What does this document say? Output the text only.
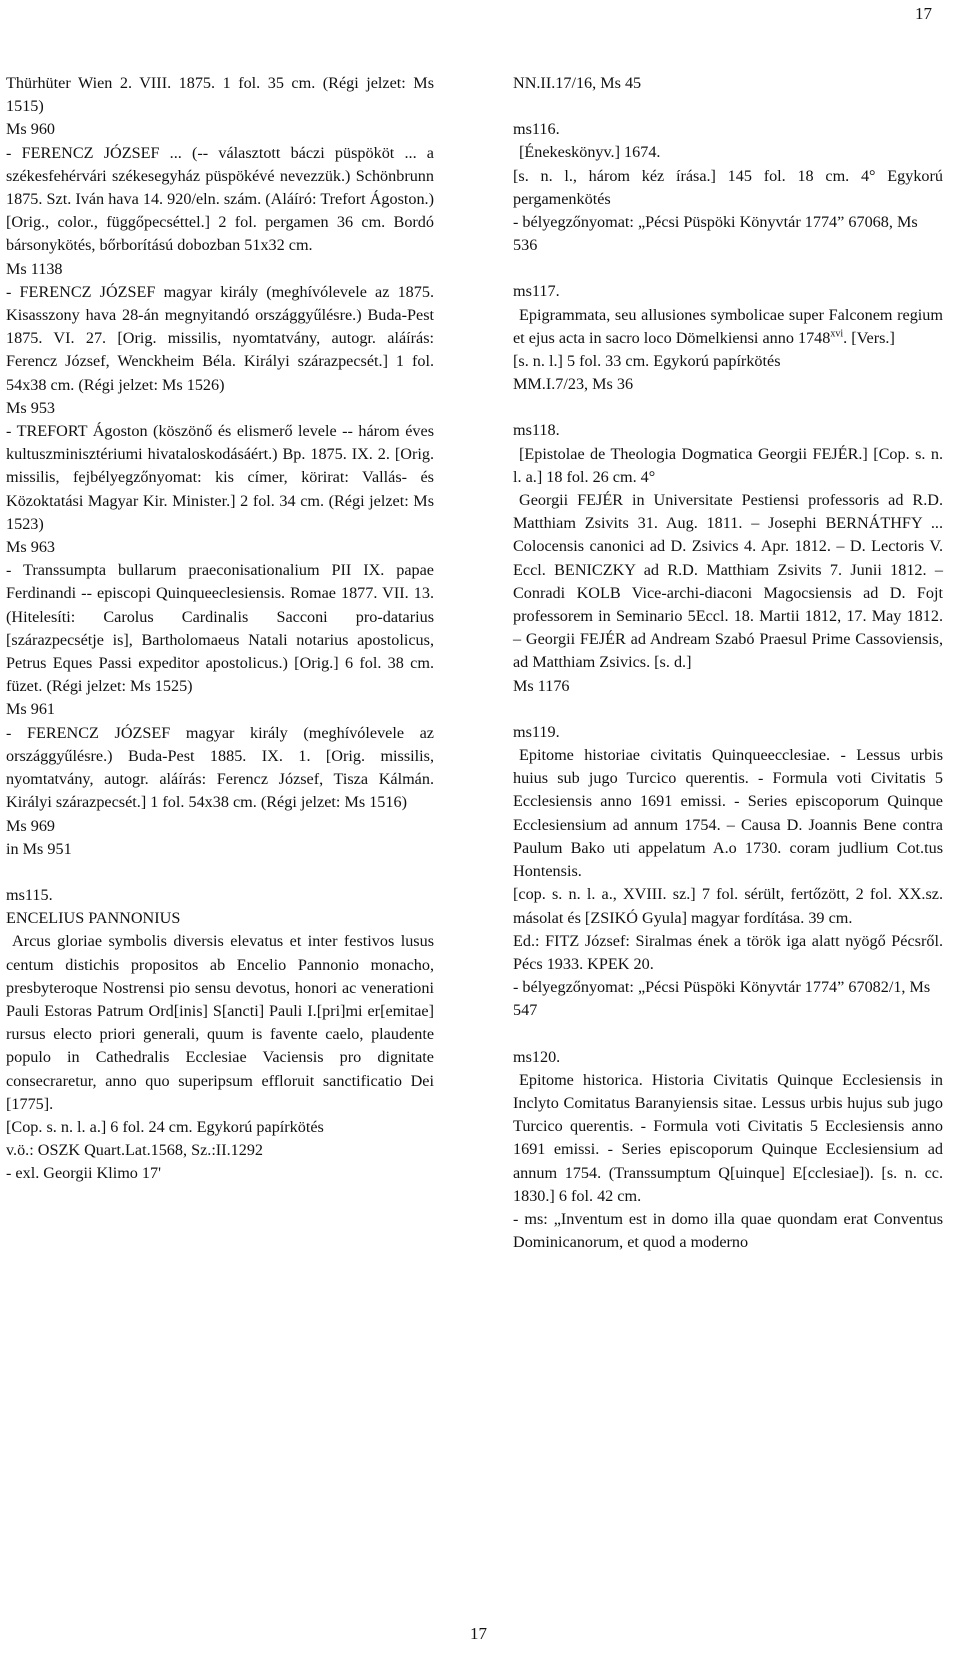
17

Thürhüter Wien 2. VIII. 1875. 1 fol. 35 cm. (Régi jelzet: Ms 1515)

Ms 960

- FERENCZ JÓZSEF ... (-- választott báczi püspököt ... a székesfehérvári székesegyház püspökévé nevezzük.) Schönbrunn 1875. Szt. Iván hava 14. 920/eln. szám. (Aláíró: Trefort Ágoston.) [Orig., color., függőpecséttel.] 2 fol. pergamen 36 cm. Bordó bársonykötés, bőrborítású dobozban 51x32 cm.

Ms 1138

- FERENCZ JÓZSEF magyar király (meghívólevele az 1875. Kisasszony hava 28-án megnyitandó országgyűlésre.) Buda-Pest 1875. VI. 27. [Orig. missilis, nyomtatvány, autogr. aláírás: Ferencz József, Wenckheim Béla. Királyi szárazpecsét.] 1 fol. 54x38 cm. (Régi jelzet: Ms 1526)

Ms 953

- TREFORT Ágoston (köszönő és elismerő levele -- három éves kultuszminisztériumi hivataloskodásáért.) Bp. 1875. IX. 2. [Orig. missilis, fejbélyegzőnyomat: kis címer, körirat: Vallás- és Közoktatási Magyar Kir. Minister.] 2 fol. 34 cm. (Régi jelzet: Ms 1523)

Ms 963

- Transsumpta bullarum praeconisationalium PII IX. papae Ferdinandi -- episcopi Quinqueeclesiensis. Romae 1877. VII. 13. (Hitelesíti: Carolus Cardinalis Sacconi pro-datarius [szárazpecsétje is], Bartholomaeus Natali notarius apostolicus, Petrus Eques Passi expeditor apostolicus.) [Orig.] 6 fol. 38 cm. füzet. (Régi jelzet: Ms 1525)

Ms 961

- FERENCZ JÓZSEF magyar király (meghívólevele az országgyűlésre.) Buda-Pest 1885. IX. 1. [Orig. missilis, nyomtatvány, autogr. aláírás: Ferencz József, Tisza Kálmán. Királyi szárazpecsét.] 1 fol. 54x38 cm. (Régi jelzet: Ms 1516)

Ms 969

in Ms 951

ms115.

ENCELIUS PANNONIUS

Arcus gloriae symbolis diversis elevatus et inter festivos lusus centum distichis propositos ab Encelio Pannonio monacho, presbyteroque Nostrensi pio sensu devotus, honori ac venerationi Pauli Estoras Patrum Ord[inis] S[ancti] Pauli I.[pri]mi er[emitae] rursus electo priori generali, quum is favente caelo, plaudente populo in Cathedralis Ecclesiae Vaciensis pro dignitate consecraretur, anno quo superipsum effloruit sanctificatio Dei [1775].

[Cop. s. n. l. a.] 6 fol. 24 cm. Egykorú papírkötés

v.ö.: OSZK Quart.Lat.1568, Sz.:II.1292

- exl. Georgii Klimo 17'

NN.II.17/16, Ms 45

ms116.

[Énekeskönyv.] 1674.

[s. n. l., három kéz írása.] 145 fol. 18 cm. 4° Egykorú pergamenkötés

- bélyegzőnyomat: „Pécsi Püspöki Könyvtár 1774” 67068, Ms 536

ms117.

Epigrammata, seu allusiones symbolicae super Falconem regium et ejus acta in sacro loco Dömelkiensi anno 1748$^{xvi}$. [Vers.]

[s. n. l.] 5 fol. 33 cm. Egykorú papírkötés

MM.I.7/23, Ms 36

ms118.

[Epistolae de Theologia Dogmatica Georgii FEJÉR.] [Cop. s. n. l. a.] 18 fol. 26 cm. 4°

Georgii FEJÉR in Universitate Pestiensi professoris ad R.D. Matthiam Zsivits 31. Aug. 1811. – Josephi BERNÁTHFY ... Colocensis canonici ad D. Zsivics 4. Apr. 1812. – D. Lectoris V. Eccl. BENICZKY ad R.D. Matthiam Zsivits 7. Junii 1812. – Conradi KOLB Vice-archi-diaconi Magocsiensis ad D. Fojt professorem in Seminario 5Eccl. 18. Martii 1812, 17. May 1812. – Georgii FEJÉR ad Andream Szabó Praesul Prime Cassoviensis, ad Matthiam Zsivics. [s. d.]

Ms 1176

ms119.

Epitome historiae civitatis Quinqueecclesiae. - Lessus urbis huius sub jugo Turcico querentis. - Formula voti Civitatis 5 Ecclesiensis anno 1691 emissi. - Series episcoporum Quinque Ecclesiensium ad annum 1754. – Causa D. Joannis Bene contra Paulum Bako uti appelatum A.o 1730. coram judlium Cot.tus Hontensis.

[cop. s. n. l. a., XVIII. sz.] 7 fol. sérült, fertőzött, 2 fol. XX.sz. másolat és [ZSIKÓ Gyula] magyar fordítása. 39 cm.

Ed.: FITZ József: Siralmas ének a török iga alatt nyögő Pécsről. Pécs 1933. KPEK 20.

- bélyegzőnyomat: „Pécsi Püspöki Könyvtár 1774” 67082/1, Ms 547

ms120.

Epitome historica. Historia Civitatis Quinque Ecclesiensis in Inclyto Comitatus Baranyiensis sitae. Lessus urbis hujus sub jugo Turcico querentis. - Formula voti Civitatis 5 Ecclesiensis anno 1691 emissi. - Series episcoporum Quinque Ecclesiensium ad annum 1754. (Transsumptum Q[uinque] E[cclesiae]). [s. n. cc. 1830.] 6 fol. 42 cm.

- ms: „Inventum est in domo illa quae quondam erat Conventus Dominicanorum, et quod a moderno

17
